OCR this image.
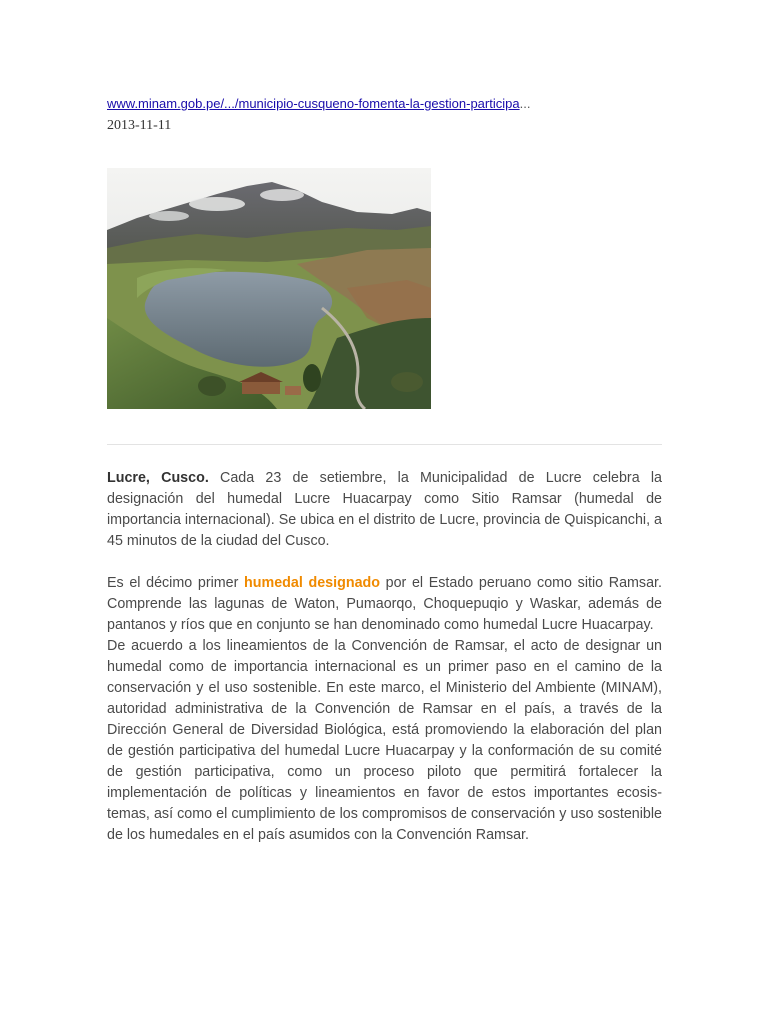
www.minam.gob.pe/.../municipio-cusqueno-fomenta-la-gestion-participa...
2013-11-11

Lucre, Cusco. Cada 23 de setiembre, la Municipalidad de Lucre celebra la designación del humedal Lucre Huacarpay como Sitio Ramsar (humedal de importancia internacional). Se ubica en el distrito de Lucre, provincia de Quispicanchi, a 45 minutos de la ciudad del Cusco.

Es el décimo primer humedal designado por el Estado peruano como sitio Ramsar. Comprende las lagunas de Waton, Pumaorqo, Choquepuqio y Waskar, además de pantanos y ríos que en conjunto se han denominado como humedal Lucre Huacarpay.

De acuerdo a los lineamientos de la Convención de Ramsar, el acto de designar un humedal como de importancia internacional es un primer paso en el camino de la conservación y el uso sostenible. En este marco, el Ministerio del Ambiente (MINAM), autoridad administrativa de la Convención de Ramsar en el país, a través de la Dirección General de Diversidad Biológica, está promoviendo la elaboración del plan de gestión participativa del humedal Lucre Huacarpay y la conformación de su comité de gestión participativa, como un proceso piloto que permitirá fortalecer la implementación de políticas y lineamientos en favor de estos importantes ecosis-temas, así como el cumplimiento de los compromisos de conservación y uso sostenible de los humedales en el país asumidos con la Convención Ramsar.
